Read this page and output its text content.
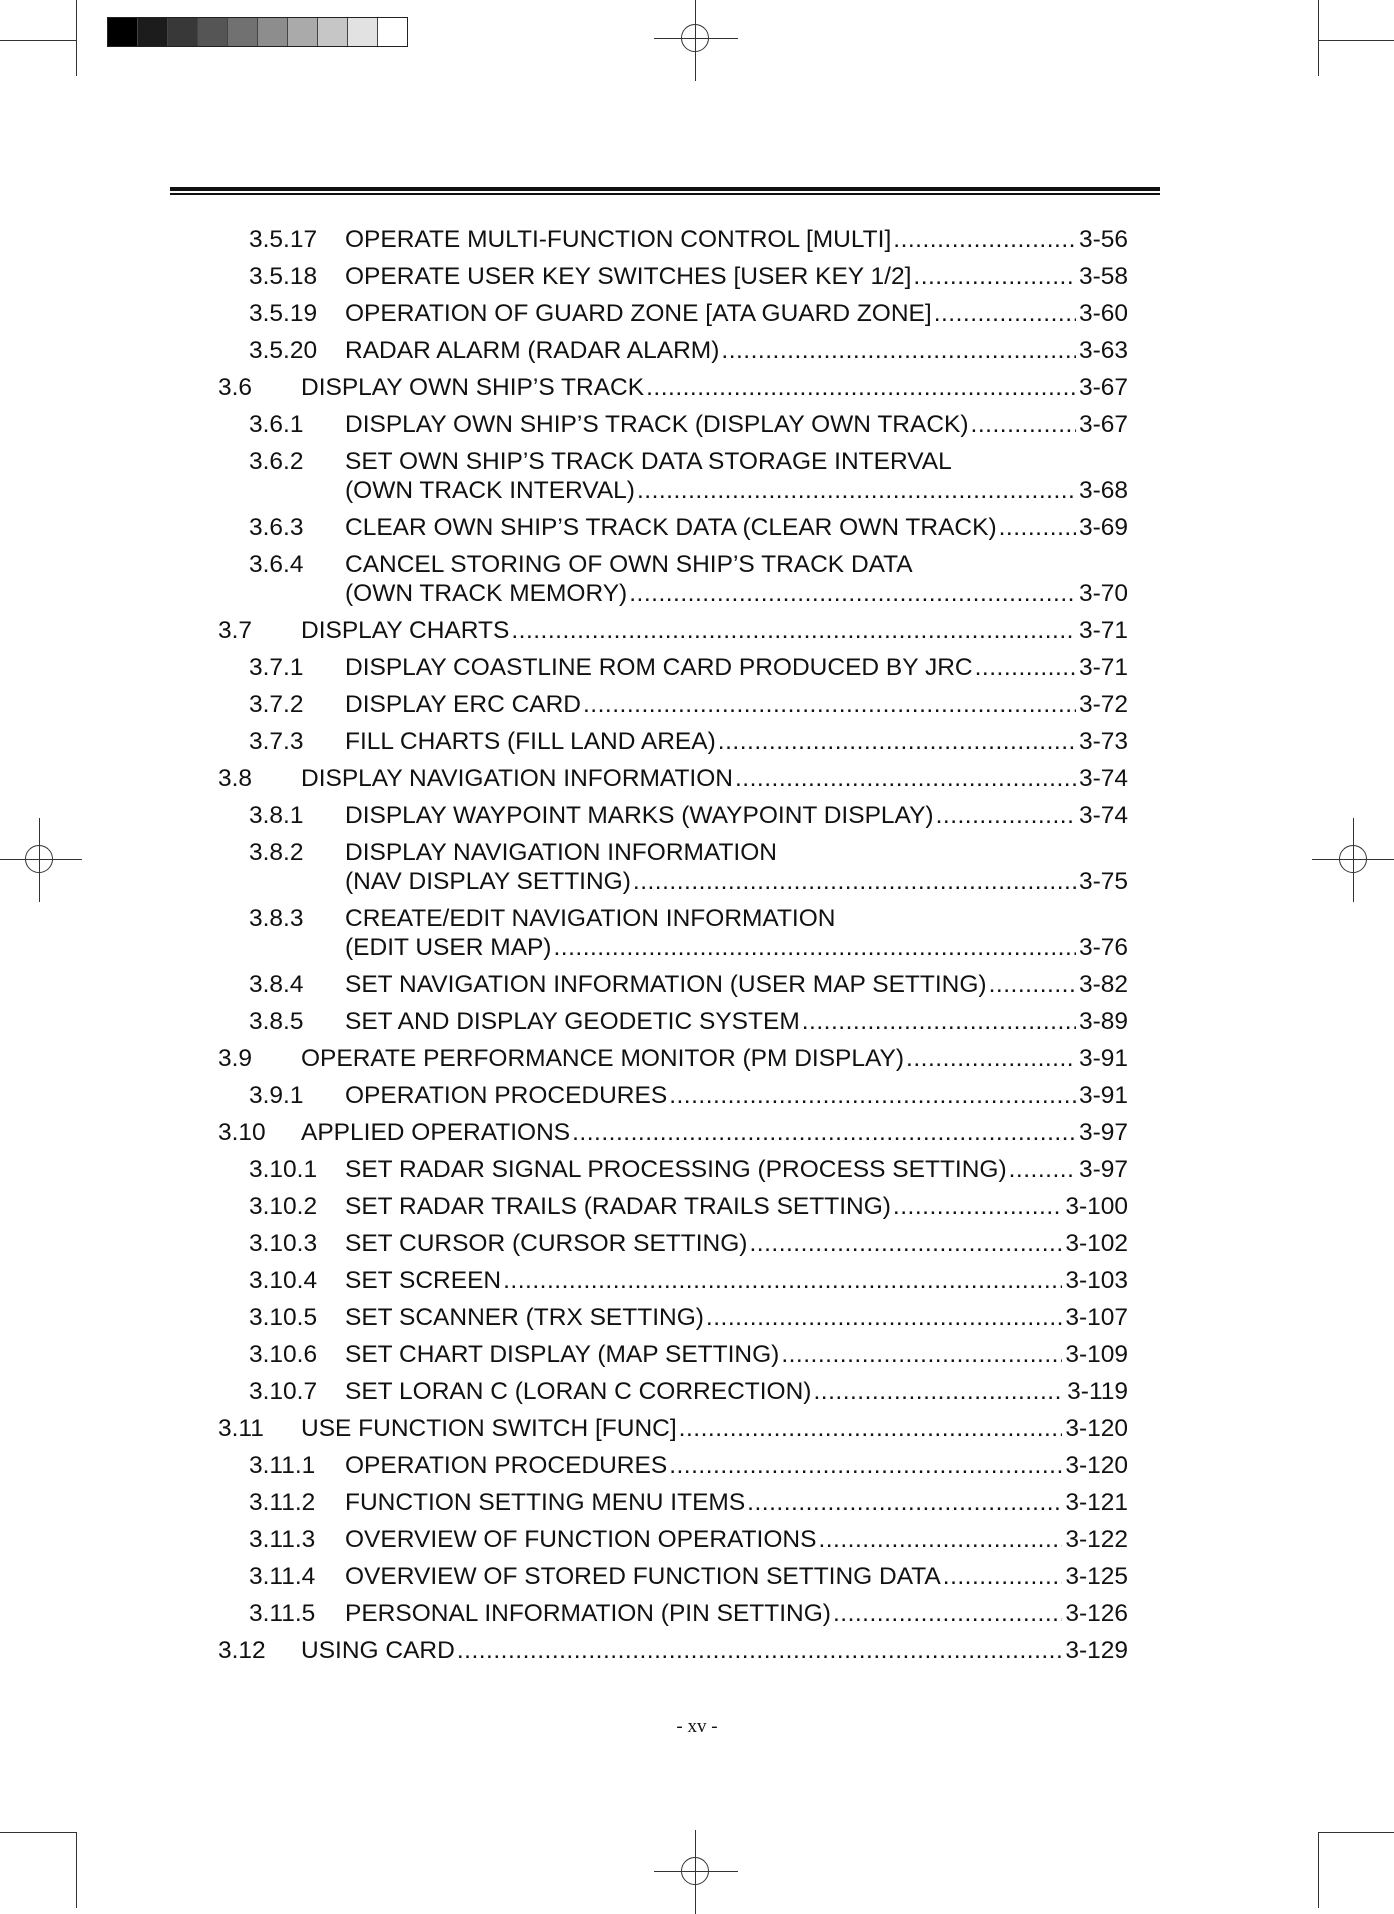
3.5.17 OPERATE MULTI-FUNCTION CONTROL [MULTI] .....	3-56
3.5.18 OPERATE USER KEY SWITCHES [USER KEY 1/2] .....	3-58
3.5.19 OPERATION OF GUARD ZONE [ATA GUARD ZONE] .....	3-60
3.5.20 RADAR ALARM (RADAR ALARM) .....	3-63
3.6 DISPLAY OWN SHIP’S TRACK .....	3-67
3.6.1 DISPLAY OWN SHIP’S TRACK (DISPLAY OWN TRACK) .....	3-67
3.6.2 SET OWN SHIP’S TRACK DATA STORAGE INTERVAL
(OWN TRACK INTERVAL) .....	3-68
3.6.3 CLEAR OWN SHIP’S TRACK DATA (CLEAR OWN TRACK) .....	3-69
3.6.4 CANCEL STORING OF OWN SHIP’S TRACK DATA
(OWN TRACK MEMORY) .....	3-70
3.7 DISPLAY CHARTS .....	3-71
3.7.1 DISPLAY COASTLINE ROM CARD PRODUCED BY JRC .....	3-71
3.7.2 DISPLAY ERC CARD .....	3-72
3.7.3 FILL CHARTS (FILL LAND AREA) .....	3-73
3.8 DISPLAY NAVIGATION INFORMATION .....	3-74
3.8.1 DISPLAY WAYPOINT MARKS (WAYPOINT DISPLAY) .....	3-74
3.8.2 DISPLAY NAVIGATION INFORMATION
(NAV DISPLAY SETTING) .....	3-75
3.8.3 CREATE/EDIT NAVIGATION INFORMATION
(EDIT USER MAP) .....	3-76
3.8.4 SET NAVIGATION INFORMATION (USER MAP SETTING) .....	3-82
3.8.5 SET AND DISPLAY GEODETIC SYSTEM .....	3-89
3.9 OPERATE PERFORMANCE MONITOR (PM DISPLAY) .....	3-91
3.9.1 OPERATION PROCEDURES .....	3-91
3.10 APPLIED OPERATIONS .....	3-97
3.10.1 SET RADAR SIGNAL PROCESSING (PROCESS SETTING) .....	3-97
3.10.2 SET RADAR TRAILS (RADAR TRAILS SETTING) .....	3-100
3.10.3 SET CURSOR (CURSOR SETTING) .....	3-102
3.10.4 SET SCREEN .....	3-103
3.10.5 SET SCANNER (TRX SETTING) .....	3-107
3.10.6 SET CHART DISPLAY (MAP SETTING) .....	3-109
3.10.7 SET LORAN C (LORAN C CORRECTION) .....	3-119
3.11 USE FUNCTION SWITCH [FUNC] .....	3-120
3.11.1 OPERATION PROCEDURES .....	3-120
3.11.2 FUNCTION SETTING MENU ITEMS .....	3-121
3.11.3 OVERVIEW OF FUNCTION OPERATIONS .....	3-122
3.11.4 OVERVIEW OF STORED FUNCTION SETTING DATA .....	3-125
3.11.5 PERSONAL INFORMATION (PIN SETTING) .....	3-126
3.12 USING CARD .....	3-129
- xv -
